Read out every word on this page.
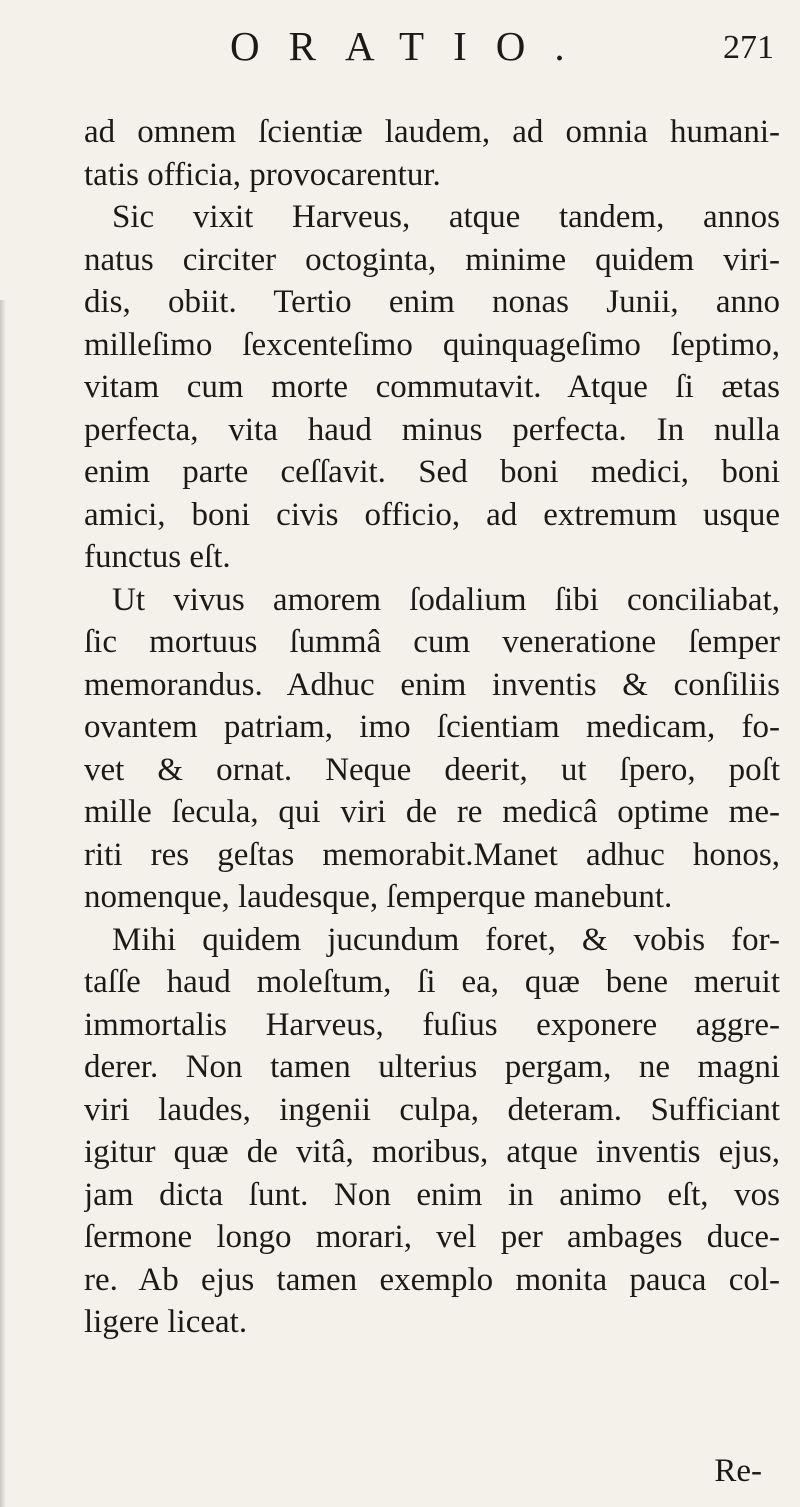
ORATIO.	271
ad omnem ſcientiæ laudem, ad omnia humani-
tatis officia, provocarentur.
Sic vixit Harveus, atque tandem, annos
natus circiter octoginta, minime quidem viri-
dis, obiit. Tertio enim nonas Junii, anno
milleſimo ſexcenteſimo quinquageſimo ſeptimo,
vitam cum morte commutavit. Atque ſi ætas
perfecta, vita haud minus perfecta. In nulla
enim parte ceſſavit. Sed boni medici, boni
amici, boni civis officio, ad extremum usque
functus eſt.
Ut vivus amorem ſodalium ſibi conciliabat,
ſic mortuus ſummâ cum veneratione ſemper
memorandus. Adhuc enim inventis & conſiliis
ovantem patriam, imo ſcientiam medicam, fo-
vet & ornat. Neque deerit, ut ſpero, poſt
mille ſecula, qui viri de re medicâ optime me-
riti res geſtas memorabit.Manet adhuc honos,
nomenque, laudesque, ſemperque manebunt.
Mihi quidem jucundum foret, & vobis for-
taſſe haud moleſtum, ſi ea, quæ bene meruit
immortalis Harveus, fuſius exponere aggre-
derer. Non tamen ulterius pergam, ne magni
viri laudes, ingenii culpa, deteram. Sufficiant
igitur quæ de vitâ, moribus, atque inventis ejus,
jam dicta ſunt. Non enim in animo eſt, vos
ſermone longo morari, vel per ambages duce-
re. Ab ejus tamen exemplo monita pauca col-
ligere liceat.
Re-
